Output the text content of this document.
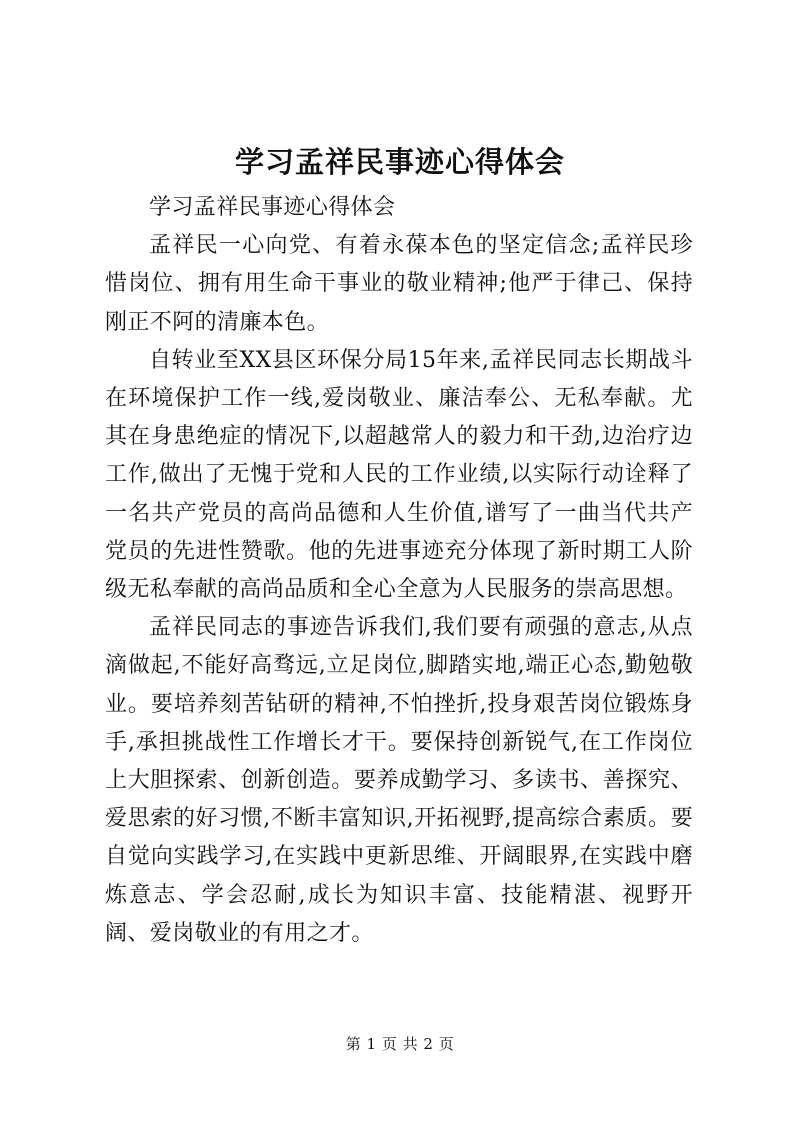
学习孟祥民事迹心得体会

学习孟祥民事迹心得体会

孟祥民一心向党、有着永葆本色的坚定信念;孟祥民珍惜岗位、拥有用生命干事业的敬业精神;他严于律己、保持刚正不阿的清廉本色。

自转业至XX县区环保分局15年来,孟祥民同志长期战斗在环境保护工作一线,爱岗敬业、廉洁奉公、无私奉献。尤其在身患绝症的情况下,以超越常人的毅力和干劲,边治疗边工作,做出了无愧于党和人民的工作业绩,以实际行动诠释了一名共产党员的高尚品德和人生价值,谱写了一曲当代共产党员的先进性赞歌。他的先进事迹充分体现了新时期工人阶级无私奉献的高尚品质和全心全意为人民服务的崇高思想。

孟祥民同志的事迹告诉我们,我们要有顽强的意志,从点滴做起,不能好高骛远,立足岗位,脚踏实地,端正心态,勤勉敬业。要培养刻苦钻研的精神,不怕挫折,投身艰苦岗位锻炼身手,承担挑战性工作增长才干。要保持创新锐气,在工作岗位上大胆探索、创新创造。要养成勤学习、多读书、善探究、爱思索的好习惯,不断丰富知识,开拓视野,提高综合素质。要自觉向实践学习,在实践中更新思维、开阔眼界,在实践中磨炼意志、学会忍耐,成长为知识丰富、技能精湛、视野开阔、爱岗敬业的有用之才。

第 1 页 共 2 页
